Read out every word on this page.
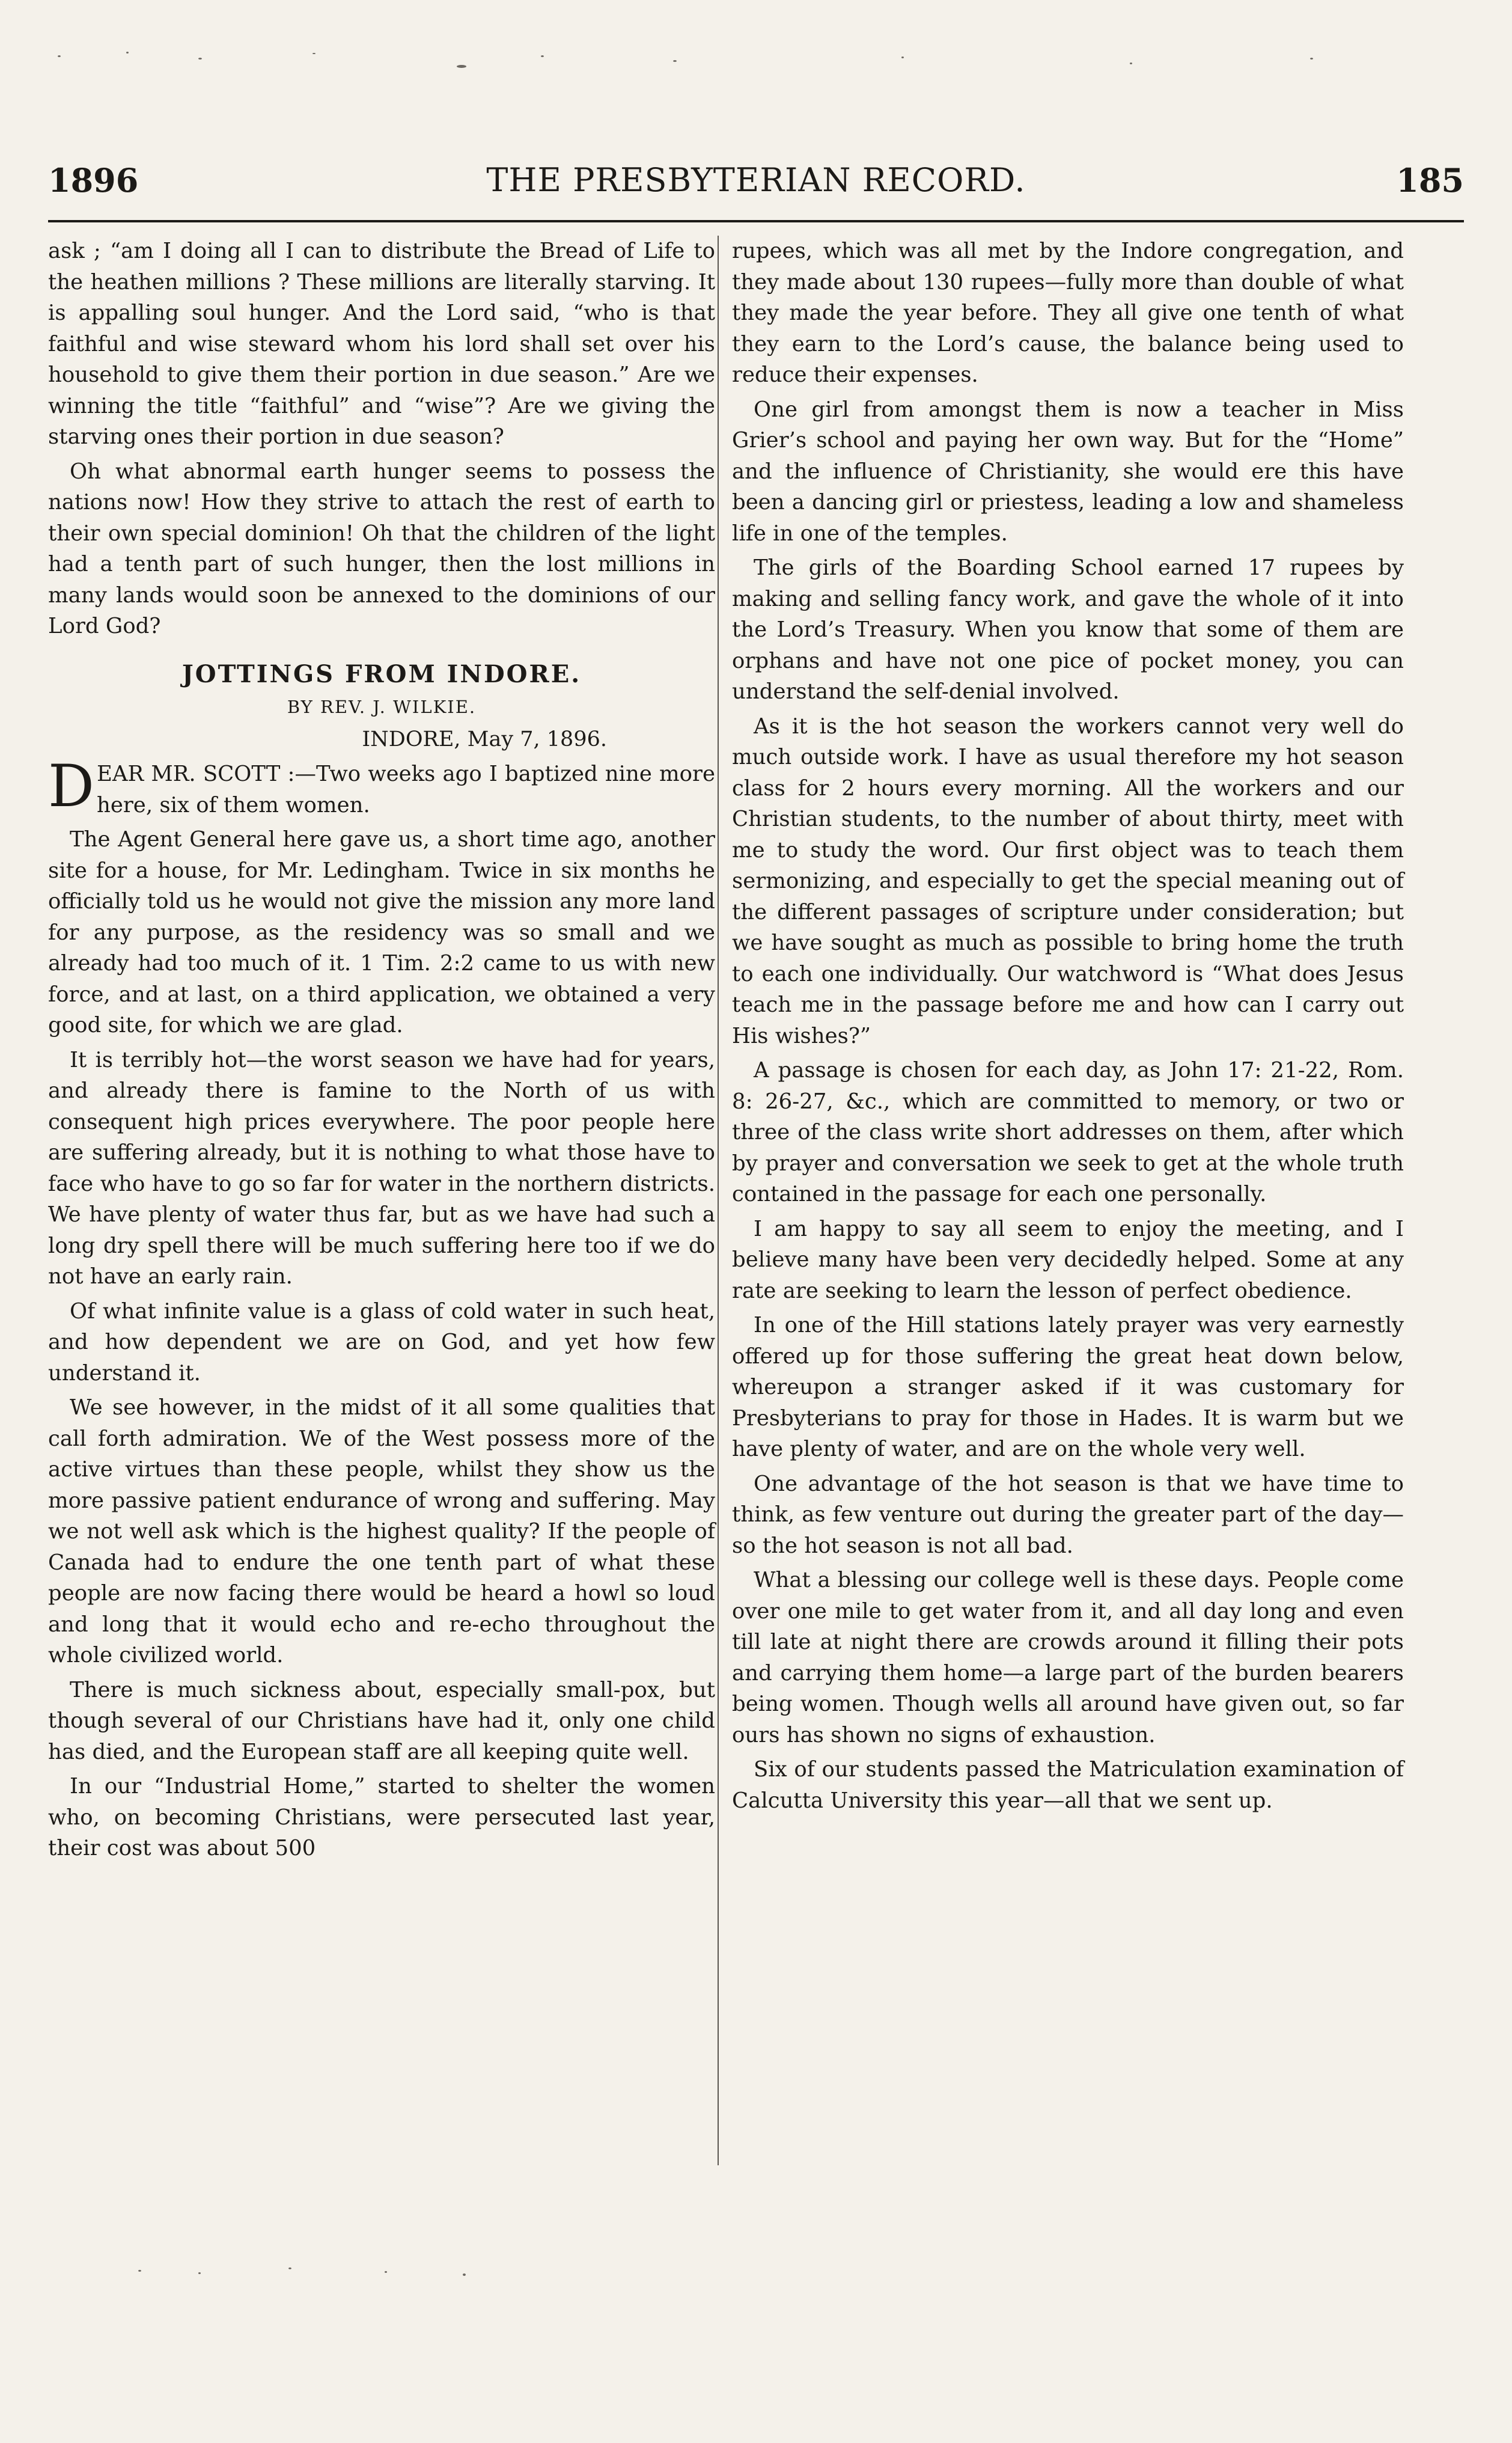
1896	THE PRESBYTERIAN RECORD.	185

ask ; “am I doing all I can to distribute the Bread of Life to the heathen millions ? These millions are literally starving. It is appalling soul hunger. And the Lord said, “who is that faithful and wise steward whom his lord shall set over his household to give them their portion in due season.” Are we winning the title “faithful” and “wise”? Are we giving the starving ones their portion in due season?

Oh what abnormal earth hunger seems to possess the nations now! How they strive to attach the rest of earth to their own special dominion! Oh that the children of the light had a tenth part of such hunger, then the lost millions in many lands would soon be annexed to the dominions of our Lord God?

JOTTINGS FROM INDORE.
BY REV. J. WILKIE.
INDORE, May 7, 1896.

DEAR MR. SCOTT :—Two weeks ago I baptized nine more here, six of them women.

The Agent General here gave us, a short time ago, another site for a house, for Mr. Ledingham. Twice in six months he officially told us he would not give the mission any more land for any purpose, as the residency was so small and we already had too much of it. 1 Tim. 2:2 came to us with new force, and at last, on a third application, we obtained a very good site, for which we are glad.

It is terribly hot—the worst season we have had for years, and already there is famine to the North of us with consequent high prices everywhere. The poor people here are suffering already, but it is nothing to what those have to face who have to go so far for water in the northern districts. We have plenty of water thus far, but as we have had such a long dry spell there will be much suffering here too if we do not have an early rain.

Of what infinite value is a glass of cold water in such heat, and how dependent we are on God, and yet how few understand it.

We see however, in the midst of it all some qualities that call forth admiration. We of the West possess more of the active virtues than these people, whilst they show us the more passive patient endurance of wrong and suffering. May we not well ask which is the highest quality? If the people of Canada had to endure the one tenth part of what these people are now facing there would be heard a howl so loud and long that it would echo and re-echo throughout the whole civilized world.

There is much sickness about, especially small-pox, but though several of our Christians have had it, only one child has died, and the European staff are all keeping quite well.

In our “Industrial Home,” started to shelter the women who, on becoming Christians, were persecuted last year, their cost was about 500

rupees, which was all met by the Indore congregation, and they made about 130 rupees—fully more than double of what they made the year before. They all give one tenth of what they earn to the Lord’s cause, the balance being used to reduce their expenses.

One girl from amongst them is now a teacher in Miss Grier’s school and paying her own way. But for the “Home” and the influence of Christianity, she would ere this have been a dancing girl or priestess, leading a low and shameless life in one of the temples.

The girls of the Boarding School earned 17 rupees by making and selling fancy work, and gave the whole of it into the Lord’s Treasury. When you know that some of them are orphans and have not one pice of pocket money, you can understand the self-denial involved.

As it is the hot season the workers cannot very well do much outside work. I have as usual therefore my hot season class for 2 hours every morning. All the workers and our Christian students, to the number of about thirty, meet with me to study the word. Our first object was to teach them sermonizing, and especially to get the special meaning out of the different passages of scripture under consideration; but we have sought as much as possible to bring home the truth to each one individually. Our watchword is “What does Jesus teach me in the passage before me and how can I carry out His wishes?”

A passage is chosen for each day, as John 17: 21-22, Rom. 8: 26-27, &c., which are committed to memory, or two or three of the class write short addresses on them, after which by prayer and conversation we seek to get at the whole truth contained in the passage for each one personally.

I am happy to say all seem to enjoy the meeting, and I believe many have been very decidedly helped. Some at any rate are seeking to learn the lesson of perfect obedience.

In one of the Hill stations lately prayer was very earnestly offered up for those suffering the great heat down below, whereupon a stranger asked if it was customary for Presbyterians to pray for those in Hades. It is warm but we have plenty of water, and are on the whole very well.

One advantage of the hot season is that we have time to think, as few venture out during the greater part of the day—so the hot season is not all bad.

What a blessing our college well is these days. People come over one mile to get water from it, and all day long and even till late at night there are crowds around it filling their pots and carrying them home—a large part of the burden bearers being women. Though wells all around have given out, so far ours has shown no signs of exhaustion.

Six of our students passed the Matriculation examination of Calcutta University this year—all that we sent up.
